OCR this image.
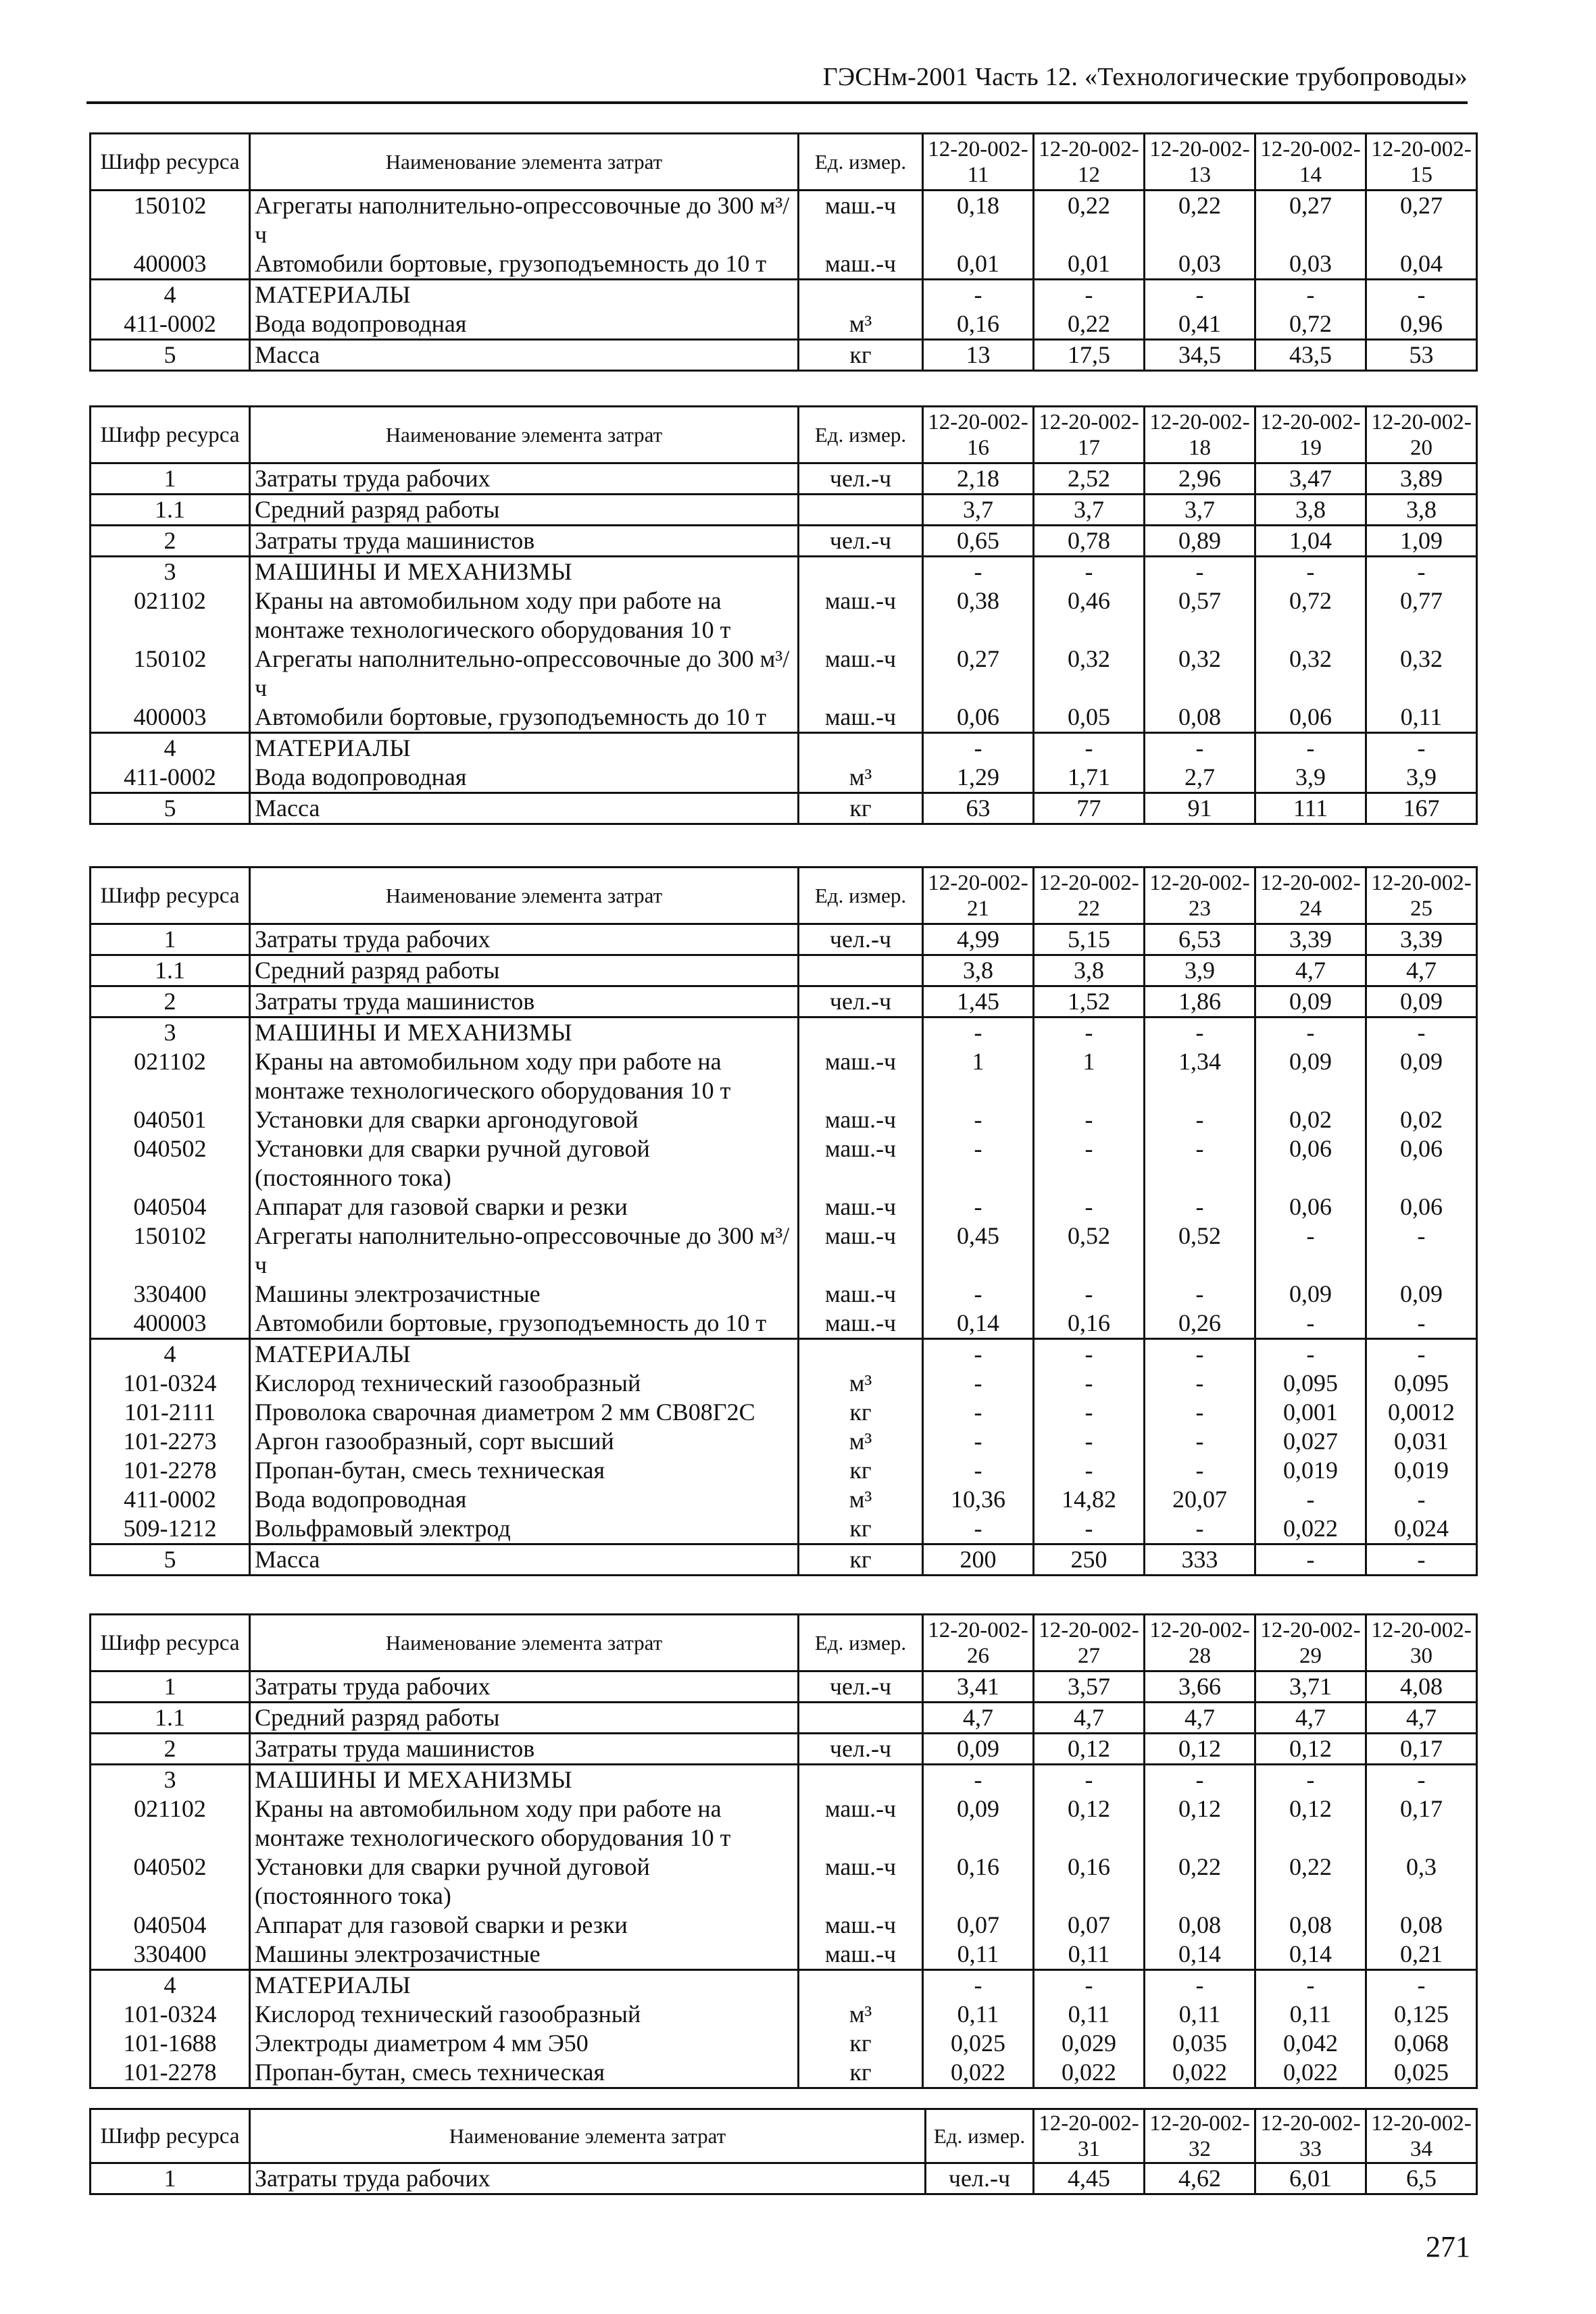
ГЭСНм-2001 Часть 12. «Технологические трубопроводы»
Шифр ресурса	Наименование элемента затрат	Ед. измер.	12-20-002-11	12-20-002-12	12-20-002-13	12-20-002-14	12-20-002-15
150102	Агрегаты наполнительно-опрессовочные до 300 м³/ч	маш.-ч	0,18	0,22	0,22	0,27	0,27
400003	Автомобили бортовые, грузоподъемность до 10 т	маш.-ч	0,01	0,01	0,03	0,03	0,04
4	МАТЕРИАЛЫ		-	-	-	-	-
411-0002	Вода водопроводная	м³	0,16	0,22	0,41	0,72	0,96
5	Масса	кг	13	17,5	34,5	43,5	53
Шифр ресурса	Наименование элемента затрат	Ед. измер.	12-20-002-16	12-20-002-17	12-20-002-18	12-20-002-19	12-20-002-20
1	Затраты труда рабочих	чел.-ч	2,18	2,52	2,96	3,47	3,89
1.1	Средний разряд работы		3,7	3,7	3,7	3,8	3,8
2	Затраты труда машинистов	чел.-ч	0,65	0,78	0,89	1,04	1,09
3	МАШИНЫ И МЕХАНИЗМЫ		-	-	-	-	-
021102	Краны на автомобильном ходу при работе на монтаже технологического оборудования 10 т	маш.-ч	0,38	0,46	0,57	0,72	0,77
150102	Агрегаты наполнительно-опрессовочные до 300 м³/ч	маш.-ч	0,27	0,32	0,32	0,32	0,32
400003	Автомобили бортовые, грузоподъемность до 10 т	маш.-ч	0,06	0,05	0,08	0,06	0,11
4	МАТЕРИАЛЫ		-	-	-	-	-
411-0002	Вода водопроводная	м³	1,29	1,71	2,7	3,9	3,9
5	Масса	кг	63	77	91	111	167
Шифр ресурса	Наименование элемента затрат	Ед. измер.	12-20-002-21	12-20-002-22	12-20-002-23	12-20-002-24	12-20-002-25
1	Затраты труда рабочих	чел.-ч	4,99	5,15	6,53	3,39	3,39
1.1	Средний разряд работы		3,8	3,8	3,9	4,7	4,7
2	Затраты труда машинистов	чел.-ч	1,45	1,52	1,86	0,09	0,09
3	МАШИНЫ И МЕХАНИЗМЫ		-	-	-	-	-
021102	Краны на автомобильном ходу при работе на монтаже технологического оборудования 10 т	маш.-ч	1	1	1,34	0,09	0,09
040501	Установки для сварки аргонодуговой	маш.-ч	-	-	-	0,02	0,02
040502	Установки для сварки ручной дуговой (постоянного тока)	маш.-ч	-	-	-	0,06	0,06
040504	Аппарат для газовой сварки и резки	маш.-ч	-	-	-	0,06	0,06
150102	Агрегаты наполнительно-опрессовочные до 300 м³/ч	маш.-ч	0,45	0,52	0,52	-	-
330400	Машины электрозачистные	маш.-ч	-	-	-	0,09	0,09
400003	Автомобили бортовые, грузоподъемность до 10 т	маш.-ч	0,14	0,16	0,26	-	-
4	МАТЕРИАЛЫ		-	-	-	-	-
101-0324	Кислород технический газообразный	м³	-	-	-	0,095	0,095
101-2111	Проволока сварочная диаметром 2 мм СВ08Г2С	кг	-	-	-	0,001	0,0012
101-2273	Аргон газообразный, сорт высший	м³	-	-	-	0,027	0,031
101-2278	Пропан-бутан, смесь техническая	кг	-	-	-	0,019	0,019
411-0002	Вода водопроводная	м³	10,36	14,82	20,07	-	-
509-1212	Вольфрамовый электрод	кг	-	-	-	0,022	0,024
5	Масса	кг	200	250	333	-	-
Шифр ресурса	Наименование элемента затрат	Ед. измер.	12-20-002-26	12-20-002-27	12-20-002-28	12-20-002-29	12-20-002-30
1	Затраты труда рабочих	чел.-ч	3,41	3,57	3,66	3,71	4,08
1.1	Средний разряд работы		4,7	4,7	4,7	4,7	4,7
2	Затраты труда машинистов	чел.-ч	0,09	0,12	0,12	0,12	0,17
3	МАШИНЫ И МЕХАНИЗМЫ		-	-	-	-	-
021102	Краны на автомобильном ходу при работе на монтаже технологического оборудования 10 т	маш.-ч	0,09	0,12	0,12	0,12	0,17
040502	Установки для сварки ручной дуговой (постоянного тока)	маш.-ч	0,16	0,16	0,22	0,22	0,3
040504	Аппарат для газовой сварки и резки	маш.-ч	0,07	0,07	0,08	0,08	0,08
330400	Машины электрозачистные	маш.-ч	0,11	0,11	0,14	0,14	0,21
4	МАТЕРИАЛЫ		-	-	-	-	-
101-0324	Кислород технический газообразный	м³	0,11	0,11	0,11	0,11	0,125
101-1688	Электроды диаметром 4 мм Э50	кг	0,025	0,029	0,035	0,042	0,068
101-2278	Пропан-бутан, смесь техническая	кг	0,022	0,022	0,022	0,022	0,025
Шифр ресурса	Наименование элемента затрат	Ед. измер.	12-20-002-31	12-20-002-32	12-20-002-33	12-20-002-34
1	Затраты труда рабочих	чел.-ч	4,45	4,62	6,01	6,5
271
